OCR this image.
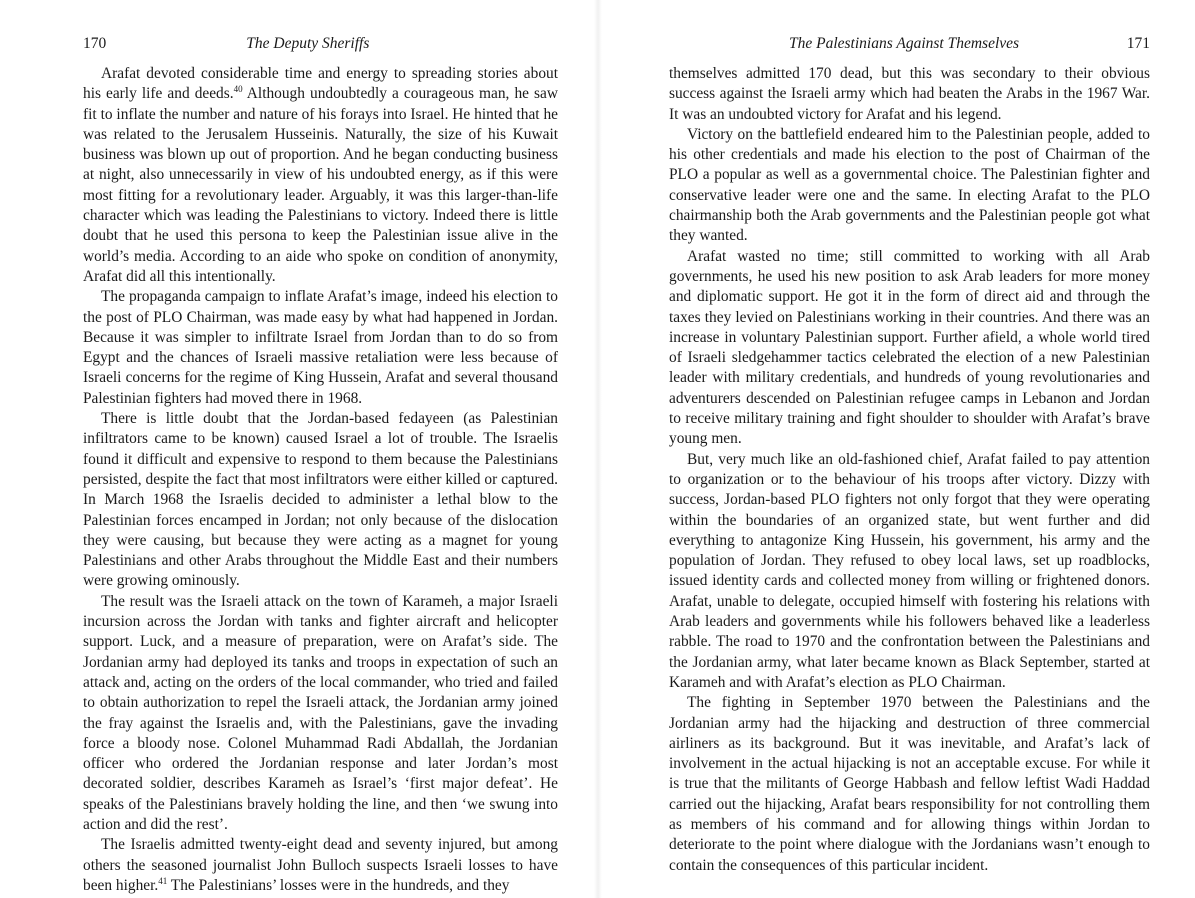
170	The Deputy Sheriffs

Arafat devoted considerable time and energy to spreading stories about his early life and deeds.$^{40}$ Although undoubtedly a courageous man, he saw fit to inflate the number and nature of his forays into Israel. He hinted that he was related to the Jerusalem Husseinis. Naturally, the size of his Kuwait business was blown up out of proportion. And he began conducting business at night, also unnecessarily in view of his undoubted energy, as if this were most fitting for a revolutionary leader. Arguably, it was this larger-than-life character which was leading the Palestinians to victory. Indeed there is little doubt that he used this persona to keep the Palestinian issue alive in the world’s media. According to an aide who spoke on condition of anonymity, Arafat did all this intentionally.

The propaganda campaign to inflate Arafat’s image, indeed his election to the post of PLO Chairman, was made easy by what had happened in Jordan. Because it was simpler to infiltrate Israel from Jordan than to do so from Egypt and the chances of Israeli massive retaliation were less because of Israeli concerns for the regime of King Hussein, Arafat and several thousand Palestinian fighters had moved there in 1968.

There is little doubt that the Jordan-based fedayeen (as Palestinian infiltrators came to be known) caused Israel a lot of trouble. The Israelis found it difficult and expensive to respond to them because the Palestinians persisted, despite the fact that most infiltrators were either killed or captured. In March 1968 the Israelis decided to administer a lethal blow to the Palestinian forces encamped in Jordan; not only because of the dislocation they were causing, but because they were acting as a magnet for young Palestinians and other Arabs throughout the Middle East and their numbers were growing ominously.

The result was the Israeli attack on the town of Karameh, a major Israeli incursion across the Jordan with tanks and fighter aircraft and helicopter support. Luck, and a measure of preparation, were on Arafat’s side. The Jordanian army had deployed its tanks and troops in expectation of such an attack and, acting on the orders of the local commander, who tried and failed to obtain authorization to repel the Israeli attack, the Jordanian army joined the fray against the Israelis and, with the Palestinians, gave the invading force a bloody nose. Colonel Muhammad Radi Abdallah, the Jordanian officer who ordered the Jordanian response and later Jordan’s most decorated soldier, describes Karameh as Israel’s ‘first major defeat’. He speaks of the Palestinians bravely holding the line, and then ‘we swung into action and did the rest’.

The Israelis admitted twenty-eight dead and seventy injured, but among others the seasoned journalist John Bulloch suspects Israeli losses to have been higher.$^{41}$ The Palestinians’ losses were in the hundreds, and they

The Palestinians Against Themselves	171

themselves admitted 170 dead, but this was secondary to their obvious success against the Israeli army which had beaten the Arabs in the 1967 War. It was an undoubted victory for Arafat and his legend.

Victory on the battlefield endeared him to the Palestinian people, added to his other credentials and made his election to the post of Chairman of the PLO a popular as well as a governmental choice. The Palestinian fighter and conservative leader were one and the same. In electing Arafat to the PLO chairmanship both the Arab governments and the Palestinian people got what they wanted.

Arafat wasted no time; still committed to working with all Arab governments, he used his new position to ask Arab leaders for more money and diplomatic support. He got it in the form of direct aid and through the taxes they levied on Palestinians working in their countries. And there was an increase in voluntary Palestinian support. Further afield, a whole world tired of Israeli sledgehammer tactics celebrated the election of a new Palestinian leader with military credentials, and hundreds of young revolutionaries and adventurers descended on Palestinian refugee camps in Lebanon and Jordan to receive military training and fight shoulder to shoulder with Arafat’s brave young men.

But, very much like an old-fashioned chief, Arafat failed to pay attention to organization or to the behaviour of his troops after victory. Dizzy with success, Jordan-based PLO fighters not only forgot that they were operating within the boundaries of an organized state, but went further and did everything to antagonize King Hussein, his government, his army and the population of Jordan. They refused to obey local laws, set up roadblocks, issued identity cards and collected money from willing or frightened donors. Arafat, unable to delegate, occupied himself with fostering his relations with Arab leaders and governments while his followers behaved like a leaderless rabble. The road to 1970 and the confrontation between the Palestinians and the Jordanian army, what later became known as Black September, started at Karameh and with Arafat’s election as PLO Chairman.

The fighting in September 1970 between the Palestinians and the Jordanian army had the hijacking and destruction of three commercial airliners as its background. But it was inevitable, and Arafat’s lack of involvement in the actual hijacking is not an acceptable excuse. For while it is true that the militants of George Habbash and fellow leftist Wadi Haddad carried out the hijacking, Arafat bears responsibility for not controlling them as members of his command and for allowing things within Jordan to deteriorate to the point where dialogue with the Jordanians wasn’t enough to contain the consequences of this particular incident.
